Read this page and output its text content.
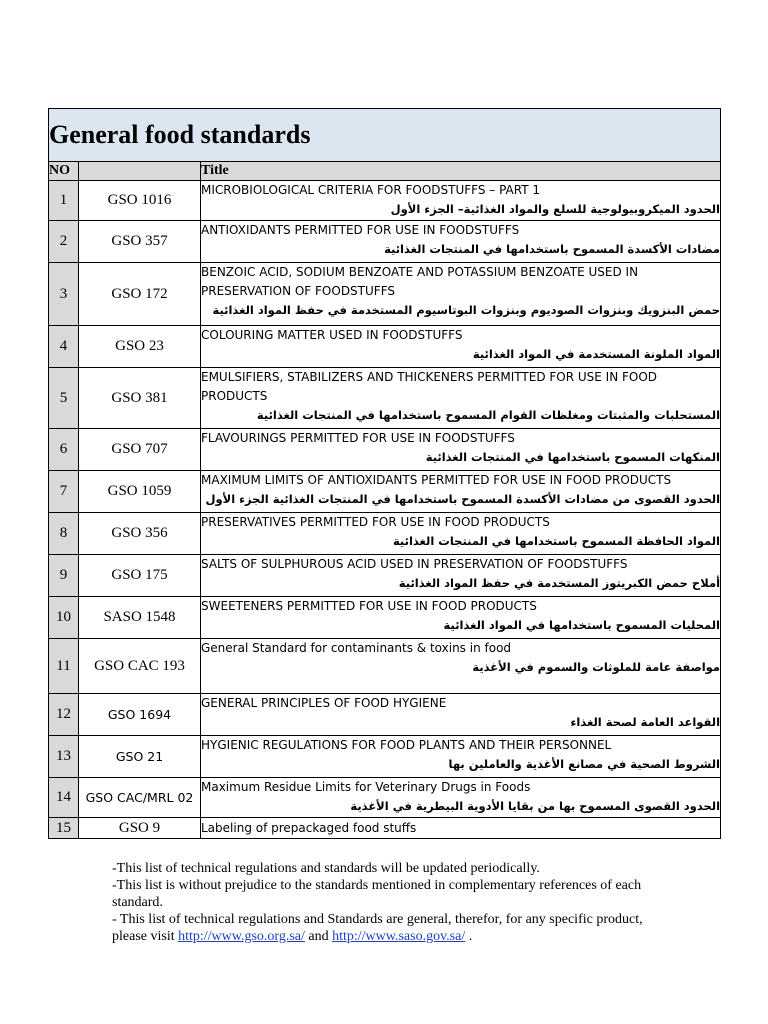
General food standards		
NO		Title
1	GSO 1016	MICROBIOLOGICAL CRITERIA FOR FOODSTUFFS – PART 1
الحدود الميكروبيولوجية للسلع والمواد الغذائية– الجزء الأول

2	GSO 357	ANTIOXIDANTS PERMITTED FOR USE IN FOODSTUFFS
مضادات الأكسدة المسموح باستخدامها في المنتجات الغذائية

3	GSO 172	BENZOIC ACID, SODIUM BENZOATE AND POTASSIUM BENZOATE USED IN PRESERVATION OF FOODSTUFFS
حمض البنزويك وبنزوات الصوديوم وبنزوات البوتاسيوم المستخدمة في حفظ المواد الغذائية

4	GSO 23	COLOURING MATTER USED IN FOODSTUFFS
المواد الملونة المستخدمة في المواد الغذائية

5	GSO 381	EMULSIFIERS, STABILIZERS AND THICKENERS PERMITTED FOR USE IN FOOD PRODUCTS
المستحلبات والمثبتات ومغلظات القوام المسموح باستخدامها في المنتجات الغذائية

6	GSO 707	FLAVOURINGS PERMITTED FOR USE IN FOODSTUFFS
المنكهات المسموح باستخدامها في المنتجات الغذائية

7	GSO 1059	MAXIMUM LIMITS OF ANTIOXIDANTS PERMITTED FOR USE IN FOOD PRODUCTS
الحدود القصوى من مضادات الأكسدة المسموح باستخدامها في المنتجات الغذائية الجزء الأول

8	GSO 356	PRESERVATIVES PERMITTED FOR USE IN FOOD PRODUCTS
المواد الحافظة المسموح باستخدامها في المنتجات الغذائية

9	GSO 175	SALTS OF SULPHUROUS ACID USED IN PRESERVATION OF FOODSTUFFS
أملاح حمض الكبريتوز المستخدمة في حفظ المواد الغذائية

10	SASO 1548	SWEETENERS PERMITTED FOR USE IN FOOD PRODUCTS
المحليات المسموح باستخدامها في المواد الغذائية

11	GSO CAC 193	General Standard for contaminants & toxins in food
مواصفة عامة للملوثات والسموم في الأغذية

12	GSO 1694	GENERAL PRINCIPLES OF FOOD HYGIENE
القواعد العامة لصحة الغذاء

13	GSO 21	HYGIENIC REGULATIONS FOR FOOD PLANTS AND THEIR PERSONNEL
الشروط الصحية في مصانع الأغذية والعاملين بها

14	GSO CAC/MRL 02	Maximum Residue Limits for Veterinary Drugs in Foods
الحدود القصوى المسموح بها من بقايا الأدوية البيطرية في الأغذية

15	GSO 9	Labeling of prepackaged food stuffs

-This list of technical regulations and standards will be updated periodically.

-This list is without prejudice to the standards mentioned in complementary references of each standard.

- This list of technical regulations and Standards are general, therefor, for any specific product, please visit http://www.gso.org.sa/ and http://www.saso.gov.sa/ .
